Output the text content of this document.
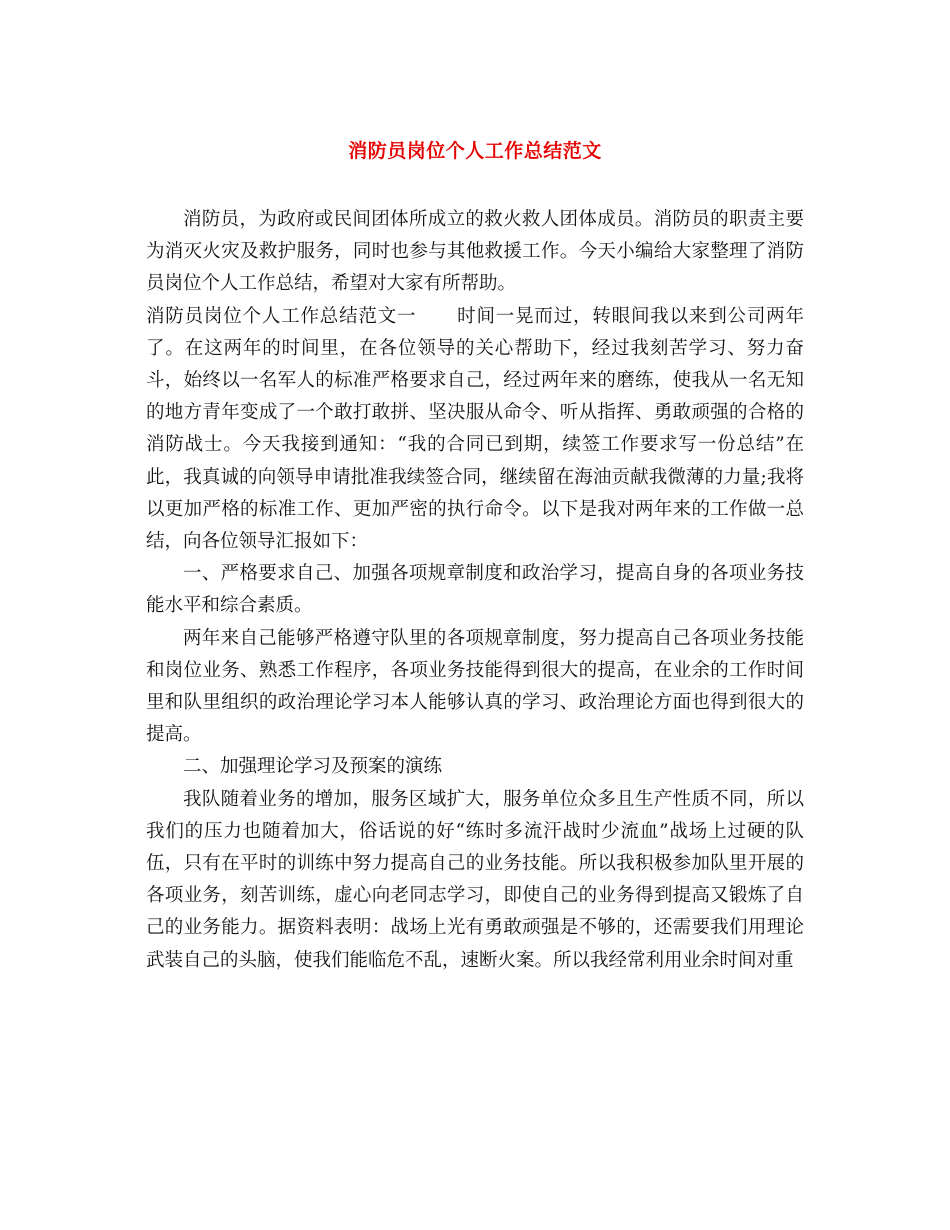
消防员岗位个人工作总结范文

消防员，为政府或民间团体所成立的救火救人团体成员。消防员的职责主要为消灭火灾及救护服务，同时也参与其他救援工作。今天小编给大家整理了消防员岗位个人工作总结，希望对大家有所帮助。

消防员岗位个人工作总结范文一 时间一晃而过，转眼间我以来到公司两年了。在这两年的时间里，在各位领导的关心帮助下，经过我刻苦学习、努力奋斗，始终以一名军人的标准严格要求自己，经过两年来的磨练，使我从一名无知的地方青年变成了一个敢打敢拼、坚决服从命令、听从指挥、勇敢顽强的合格的消防战士。今天我接到通知：“我的合同已到期，续签工作要求写一份总结”在此，我真诚的向领导申请批准我续签合同，继续留在海油贡献我微薄的力量;我将以更加严格的标准工作、更加严密的执行命令。以下是我对两年来的工作做一总结，向各位领导汇报如下：

一、严格要求自己、加强各项规章制度和政治学习，提高自身的各项业务技能水平和综合素质。

两年来自己能够严格遵守队里的各项规章制度，努力提高自己各项业务技能和岗位业务、熟悉工作程序，各项业务技能得到很大的提高，在业余的工作时间里和队里组织的政治理论学习本人能够认真的学习、政治理论方面也得到很大的提高。

二、加强理论学习及预案的演练

我队随着业务的增加，服务区域扩大，服务单位众多且生产性质不同，所以我们的压力也随着加大，俗话说的好“练时多流汗战时少流血”战场上过硬的队伍，只有在平时的训练中努力提高自己的业务技能。所以我积极参加队里开展的各项业务，刻苦训练，虚心向老同志学习，即使自己的业务得到提高又锻炼了自己的业务能力。据资料表明：战场上光有勇敢顽强是不够的，还需要我们用理论武装自己的头脑，使我们能临危不乱，速断火案。所以我经常利用业余时间对重
